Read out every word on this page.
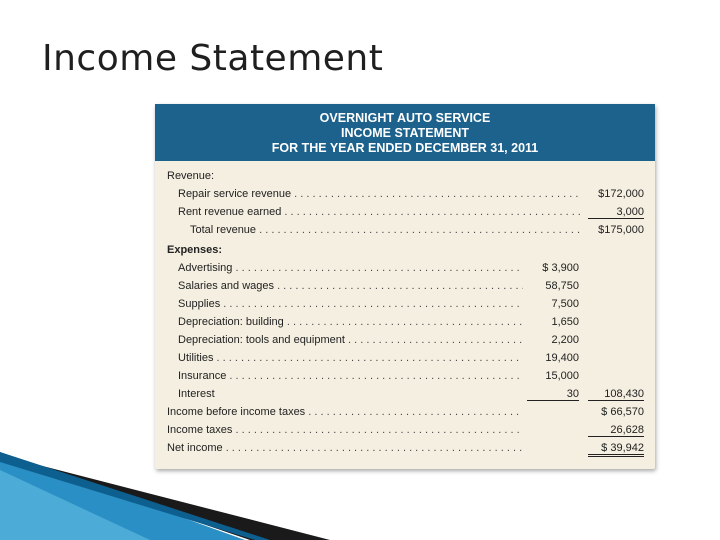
Income Statement
OVERNIGHT AUTO SERVICE
INCOME STATEMENT
FOR THE YEAR ENDED DECEMBER 31, 2011
Revenue:
Repair service revenue . . .	$172,000
Rent revenue earned . . .	3,000
Total revenue . . .	$175,000
Expenses:
Advertising . . .	$ 3,900
Salaries and wages . . .	58,750
Supplies . . .	7,500
Depreciation: building . . .	1,650
Depreciation: tools and equipment . . .	2,200
Utilities . . .	19,400
Insurance . . .	15,000
Interest	30	108,430
Income before income taxes . . .	$ 66,570
Income taxes . . .	26,628
Net income . . .	$ 39,942
